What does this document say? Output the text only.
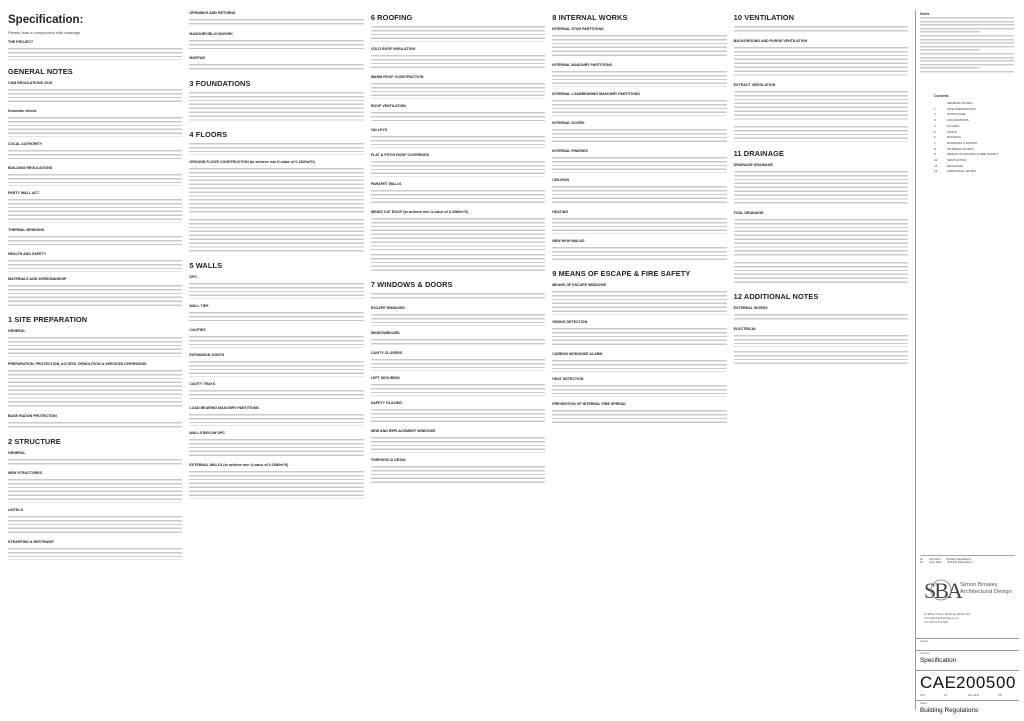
Specification:
Please read in conjunction with drawings
THE PROJECT
GENERAL NOTES
CDM REGULATIONS 2015
Domestic clients
LOCAL AUTHORITY
BUILDING REGULATIONS
PARTY WALL ACT
THERMAL BRIDGING
HEALTH AND SAFETY
MATERIALS AND WORKMANSHIP
1 SITE PREPARATION
GENERAL
PREPARATION, PROTECTION, ACCESS, DEMOLITION & SERVICES DIVERSIONS
BASE RADON PROTECTION
2 STRUCTURE
GENERAL
NEW STRUCTURES
LINTELS
STRAPPING & RESTRAINT
OPENINGS AND RETURNS
MASONRY/BLOCKWORK
MORTAR
3 FOUNDATIONS
4 FLOORS
GROUND FLOOR CONSTRUCTION (to achieve min U-value of 0.13W/m²K)
5 WALLS
DPC
WALL TIES
CAVITIES
EXPANSION JOINTS
CAVITY TRAYS
LOAD BEARING MASONRY PARTITIONS
WALLS BELOW DPC
EXTERNAL WALLS (to achieve min U-value of 0.18W/m²K)
6 ROOFING
COLD ROOF INSULATION
WARM ROOF CONSTRUCTION
ROOF VENTILATION
VALLEYS
FLAT & PITCH ROOF COVERINGS
PARAPET WALLS
WINDS CAT ROOF (to achieve min U-value of 0.15W/m²K)
7 WINDOWS & DOORS
ESCAPE WINDOWS
WINDOWBOARD
CAVITY CLOSERS
LEFT SECURING
SAFETY GLAZING
NEW AND REPLACEMENT WINDOWS
THRESHOLD DRAIN
8 INTERNAL WORKS
INTERNAL STUD PARTITIONS
INTERNAL MASONRY PARTITIONS
INTERNAL LOADBEARING MASONRY PARTITIONS
INTERNAL DOORS
INTERNAL FINISHES
CEILINGS
HEATING
NEW HIGH WALKS
9 MEANS OF ESCAPE & FIRE SAFETY
MEANS OF ESCAPE WINDOWS
SMOKE DETECTION
CARBON MONOXIDE ALARM
HEAT DETECTION
PREVENTION OF INTERNAL FIRE SPREAD
10 VENTILATION
BACKGROUND AND PURGE VENTILATION
EXTRACT VENTILATION
11 DRAINAGE
DRAINAGE DRAINAGE
FOUL DRAINAGE
12 ADDITIONAL NOTES
EXTERNAL WORKS
ELECTRICAL
Notes
Contents
GENERAL NOTES
1	SITE PREPARATION
2	STRUCTURE
3	FOUNDATIONS
4	FLOORS
5	WALLS
6	ROOFING
7	WINDOWS & DOORS
8	INTERNAL WORKS
9	MEANS OF ESCAPE & FIRE SAFETY
10	VENTILATION
11	DRAINAGE
12	ADDITIONAL NOTES
01 July 2024 Building Regulations
00 June 2024 Building Regulations
SBA Simon Broaley
Architectural Design
24 Wharf Close, Worthing, BN14 7DT
simon@sbarchdesign.co.uk
Tel: 07976 572 565
Project
Drawing
Specification
CAE 2005 00
NTS	A1	Dec 2019	SB
Status
Building Regulations
